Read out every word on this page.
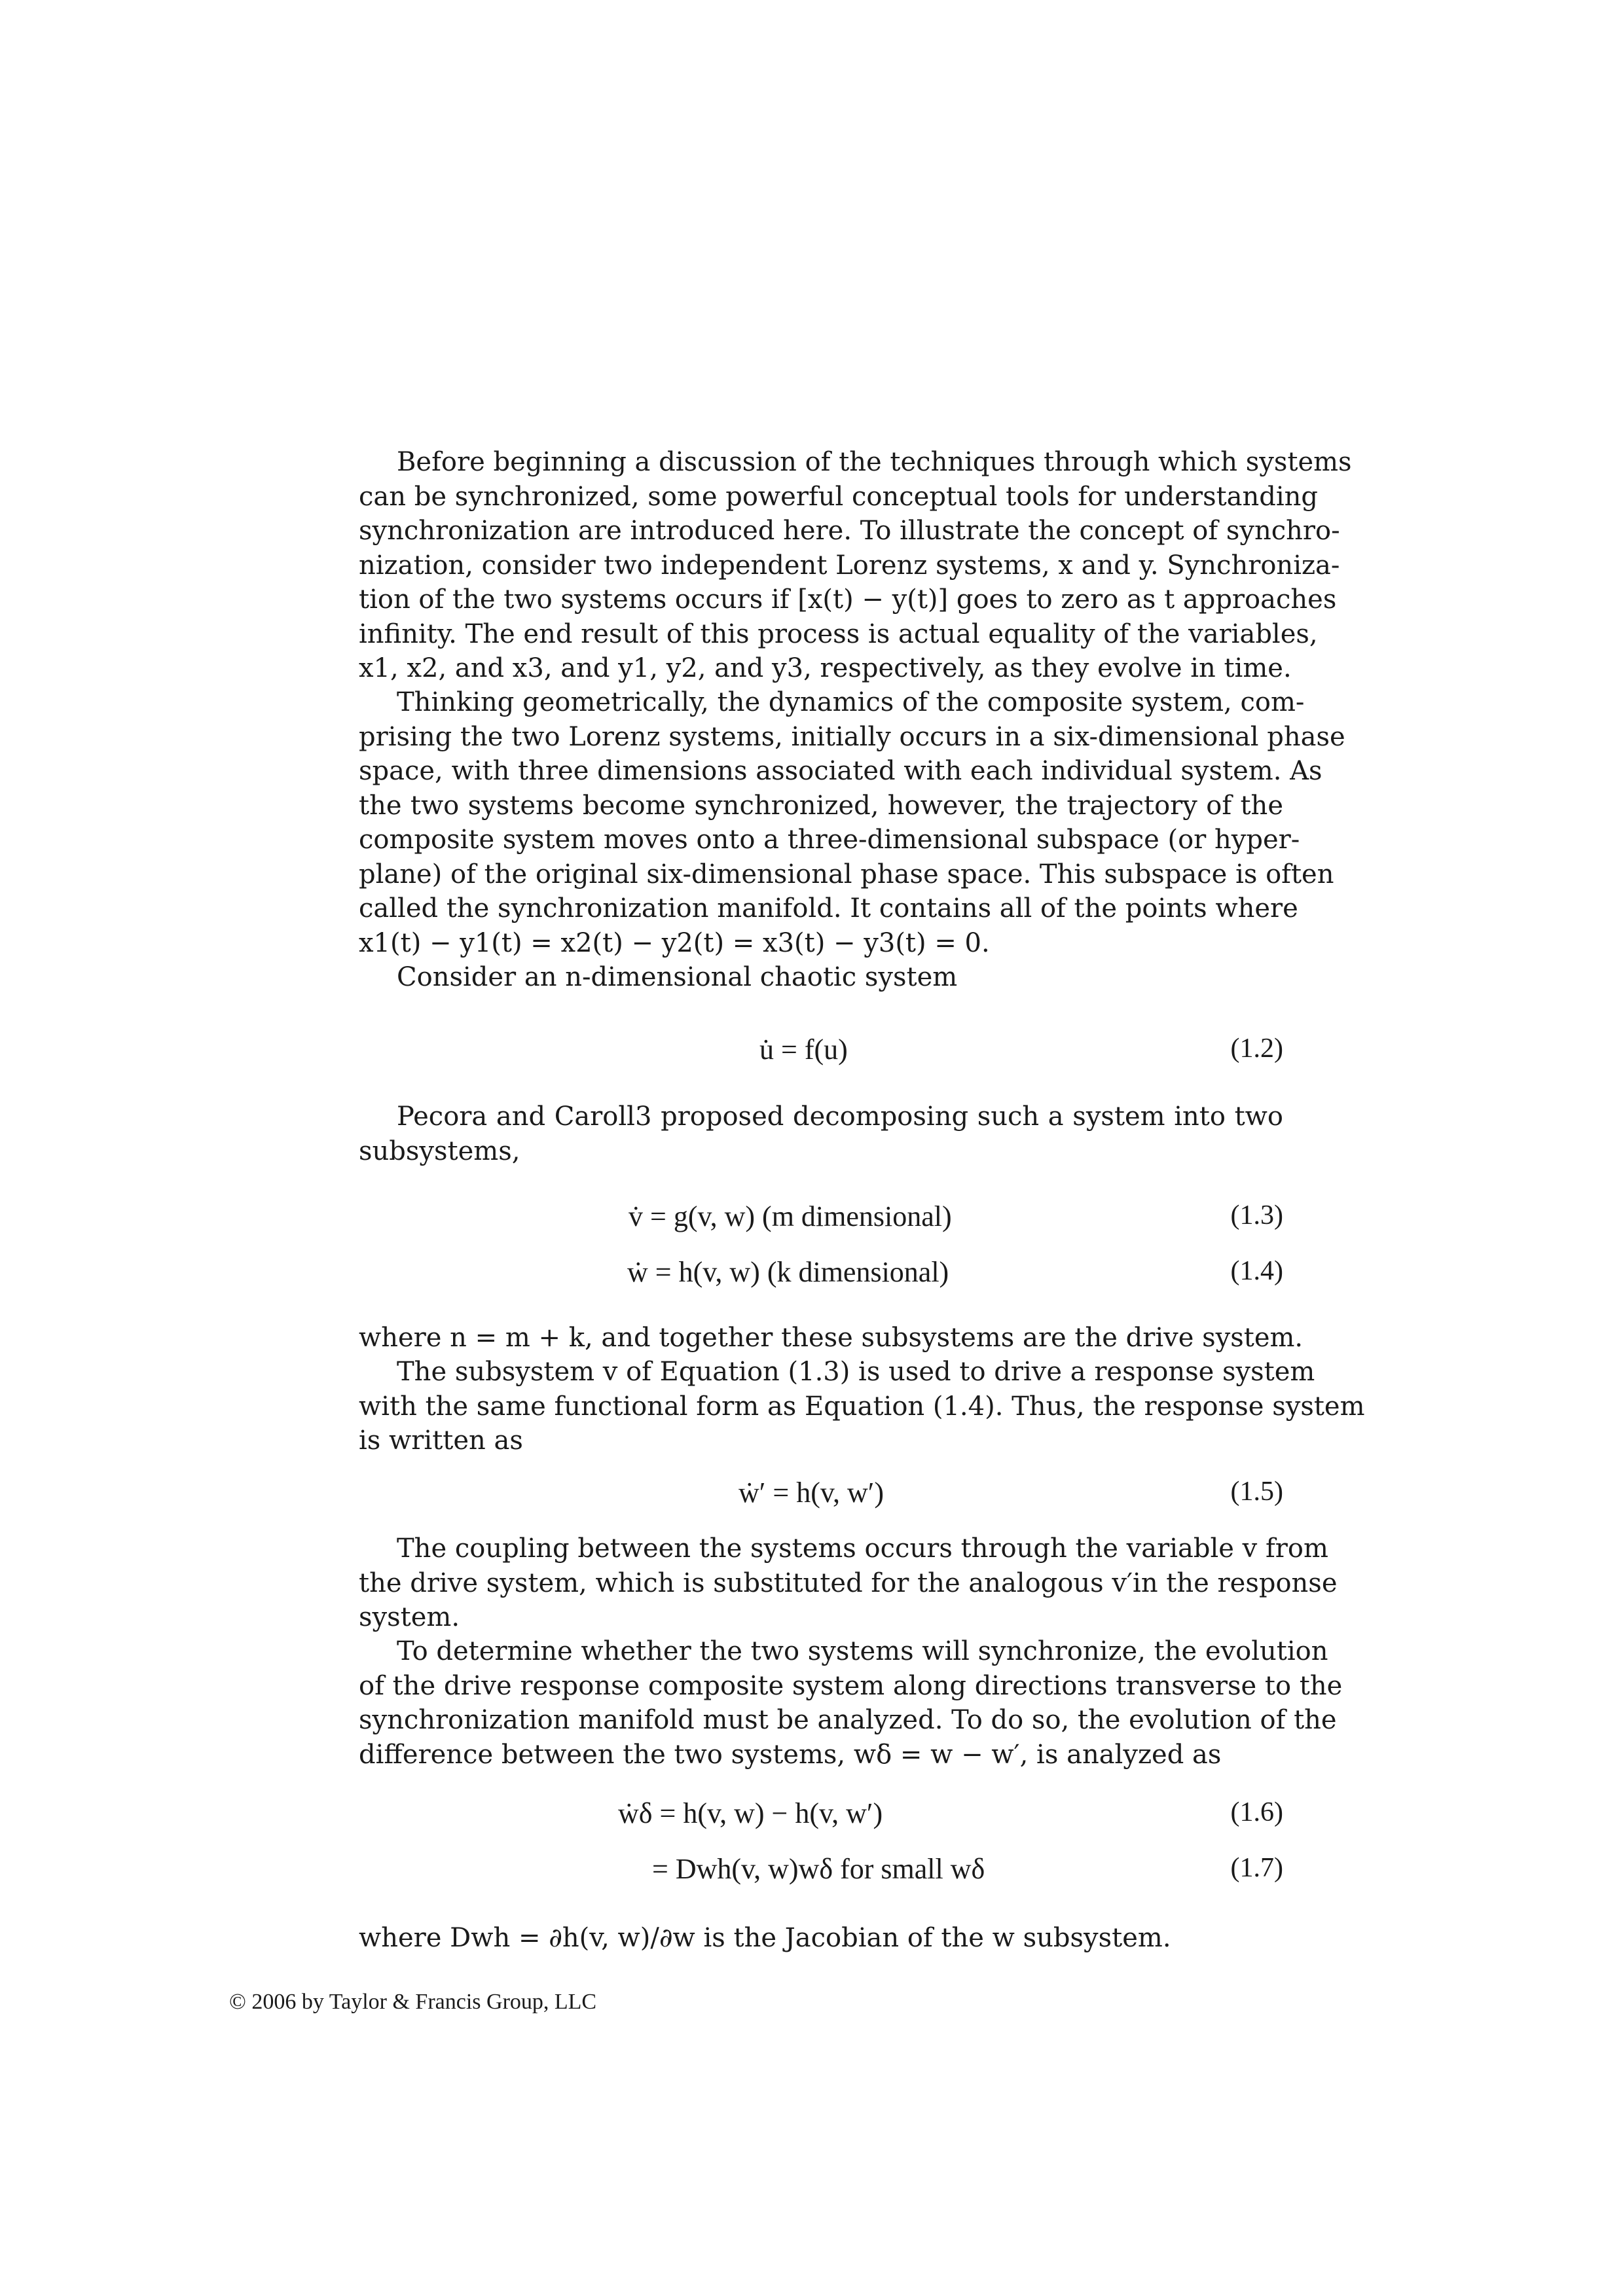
Before beginning a discussion of the techniques through which systems
can be synchronized, some powerful conceptual tools for understanding
synchronization are introduced here. To illustrate the concept of synchro-
nization, consider two independent Lorenz systems, x and y. Synchroniza-
tion of the two systems occurs if [x(t) − y(t)] goes to zero as t approaches
infinity. The end result of this process is actual equality of the variables,
x1, x2, and x3, and y1, y2, and y3, respectively, as they evolve in time.
Thinking geometrically, the dynamics of the composite system, com-
prising the two Lorenz systems, initially occurs in a six-dimensional phase
space, with three dimensions associated with each individual system. As
the two systems become synchronized, however, the trajectory of the
composite system moves onto a three-dimensional subspace (or hyper-
plane) of the original six-dimensional phase space. This subspace is often
called the synchronization manifold. It contains all of the points where
x1(t) − y1(t) = x2(t) − y2(t) = x3(t) − y3(t) = 0.
Consider an n-dimensional chaotic system
u̇ = f(u)	(1.2)
Pecora and Caroll3 proposed decomposing such a system into two
subsystems,
v̇ = g(v, w) (m dimensional)	(1.3)
ẇ = h(v, w) (k dimensional)	(1.4)
where n = m + k, and together these subsystems are the drive system.
The subsystem v of Equation (1.3) is used to drive a response system
with the same functional form as Equation (1.4). Thus, the response system
is written as
ẇ′ = h(v, w′)	(1.5)
The coupling between the systems occurs through the variable v from
the drive system, which is substituted for the analogous v′in the response
system.
To determine whether the two systems will synchronize, the evolution
of the drive response composite system along directions transverse to the
synchronization manifold must be analyzed. To do so, the evolution of the
difference between the two systems, wδ = w − w′, is analyzed as
ẇδ = h(v, w) − h(v, w′)	(1.6)
= Dwh(v, w)wδ for small wδ	(1.7)
where Dwh = ∂h(v, w)/∂w is the Jacobian of the w subsystem.
© 2006 by Taylor & Francis Group, LLC
